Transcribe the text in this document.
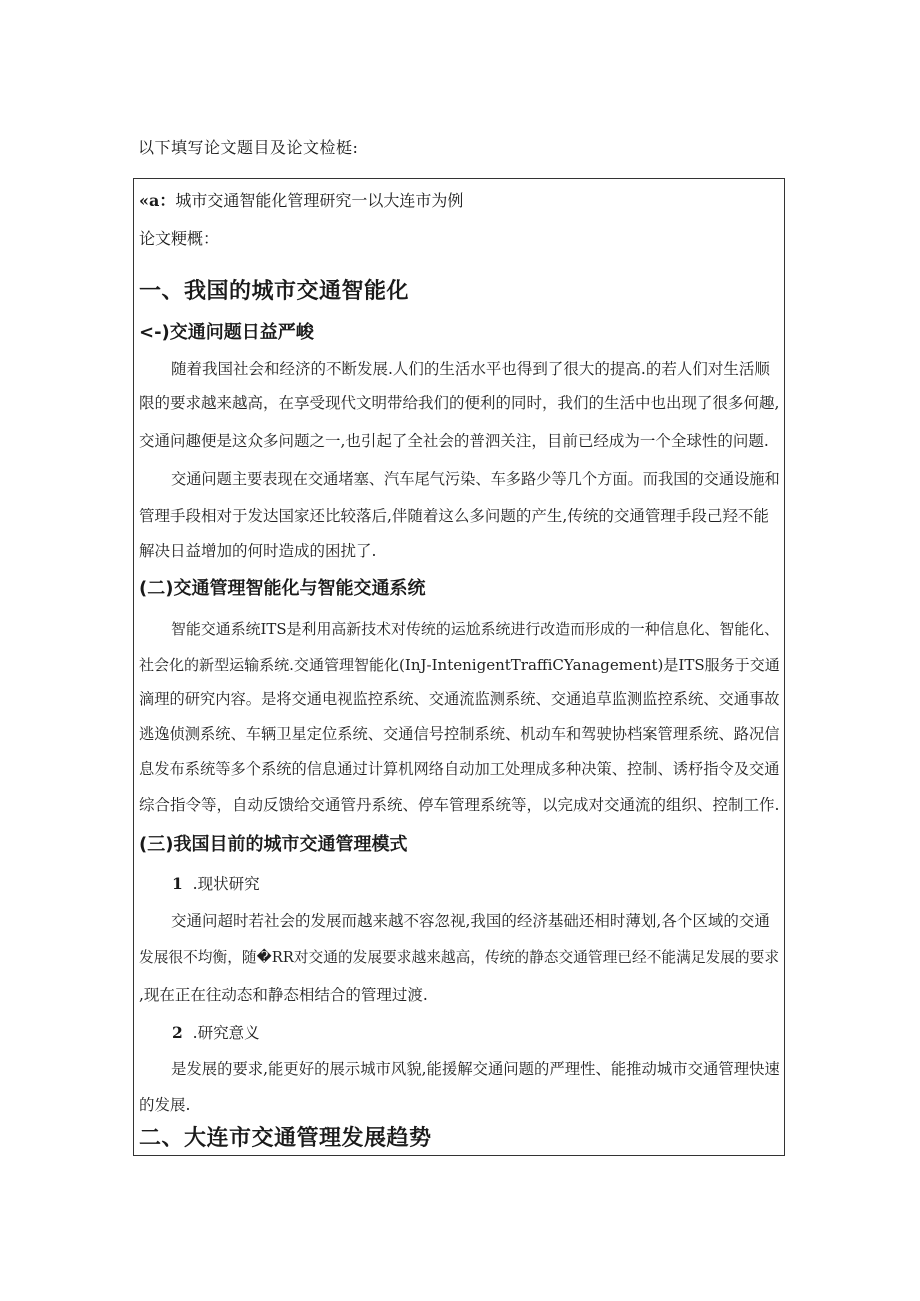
以下填写论文题目及论文检梃:
«a：城市交通智能化管理研究一以大连市为例
论文粳概：
一、我国的城市交通智能化
<-)交通问题日益严峻
随着我国社会和经济的不断发展.人们的生活水平也得到了很大的提高.的若人们对生活顺
限的要求越来越高，在享受现代文明带给我们的便利的同时，我们的生活中也出现了很多何趣,
交通问趣便是这众多问题之一,也引起了全社会的普泗关注，目前已经成为一个全球性的问题.
交通问题主要表现在交通堵塞、汽车尾气污染、车多路少等几个方面。而我国的交通设施和
管理手段相对于发达国家还比较落后,伴随着这么多问题的产生,传统的交通管理手段己羟不能
解决日益增加的何时造成的困扰了.
(二)交通管理智能化与智能交通系统
智能交通系统ITS是利用高新技术对传统的运尬系统进行改造而形成的一种信息化、智能化、
社会化的新型运输系统.交通管理智能化(InJ-IntenigentTraffiCYanagement)是ITS服务于交通
滴理的研究内容。是将交通电视监控系统、交通流监测系统、交通追草监测监控系统、交通事故
逃逸侦测系统、车辆卫星定位系统、交通信号控制系统、机动车和驾驶协档案管理系统、路况信
息发布系统等多个系统的信息通过计算机网络自动加工处理成多种决策、控制、诱杼指令及交通
综合指令等，自动反馈给交通管丹系统、停车管理系统等，以完成对交通流的组织、控制工作.
(三)我国目前的城市交通管理模式
1 .现状研究
交通问超时若社会的发展而越来越不容忽视,我国的经济基础还相时薄划,各个区域的交通
发展很不均衡，随�RR对交通的发展要求越来越高，传统的静态交通管理已经不能满足发展的要求
,现在正在往动态和静态相结合的管理过渡.
2 .研究意义
是发展的要求,能更好的展示城市风貌,能援解交通问题的严理性、能推动城市交通管理快速
的发展.
二、大连市交通管理发展趋势
